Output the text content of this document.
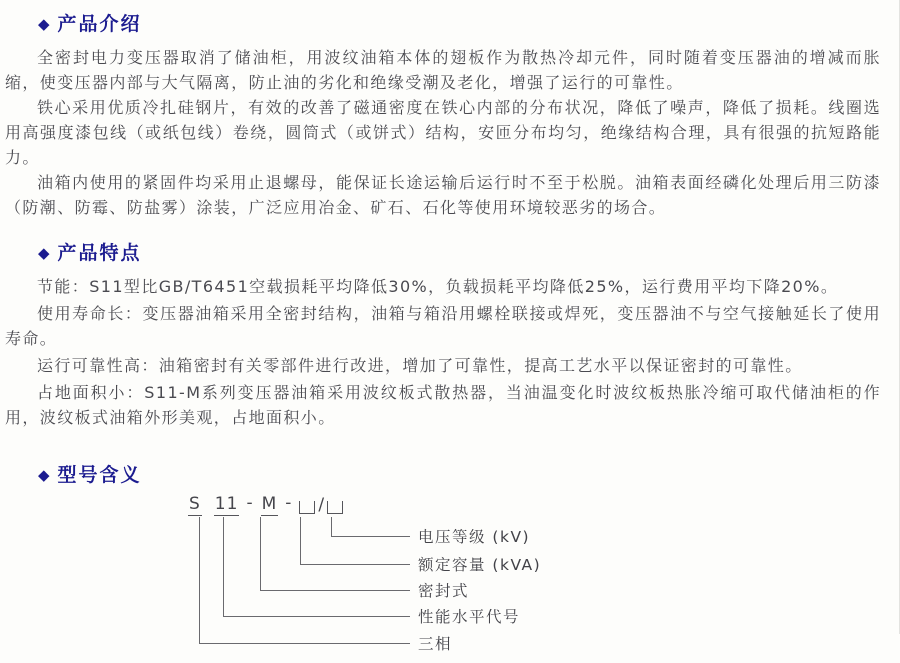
◆ 产品介绍

全密封电力变压器取消了储油柜，用波纹油箱本体的翅板作为散热冷却元件，同时随着变压器油的增减而胀缩，使变压器内部与大气隔离，防止油的劣化和绝缘受潮及老化，增强了运行的可靠性。

铁心采用优质冷扎硅钢片，有效的改善了磁通密度在铁心内部的分布状况，降低了噪声，降低了损耗。线圈选用高强度漆包线（或纸包线）卷绕，圆筒式（或饼式）结构，安匝分布均匀，绝缘结构合理，具有很强的抗短路能力。

油箱内使用的紧固件均采用止退螺母，能保证长途运输后运行时不至于松脱。油箱表面经磷化处理后用三防漆（防潮、防霉、防盐雾）涂装，广泛应用冶金、矿石、石化等使用环境较恶劣的场合。

◆ 产品特点

节能：S11型比GB/T6451空载损耗平均降低30%，负载损耗平均降低25%，运行费用平均下降20%。

使用寿命长：变压器油箱采用全密封结构，油箱与箱沿用螺栓联接或焊死，变压器油不与空气接触延长了使用寿命。

运行可靠性高：油箱密封有关零部件进行改进，增加了可靠性，提高工艺水平以保证密封的可靠性。

占地面积小：S11-M系列变压器油箱采用波纹板式散热器，当油温变化时波纹板热胀冷缩可取代储油柜的作用，波纹板式油箱外形美观，占地面积小。

◆ 型号含义
S 11 - M - /
电压等级 (kV)
额定容量 (kVA)
密封式
性能水平代号
三相
